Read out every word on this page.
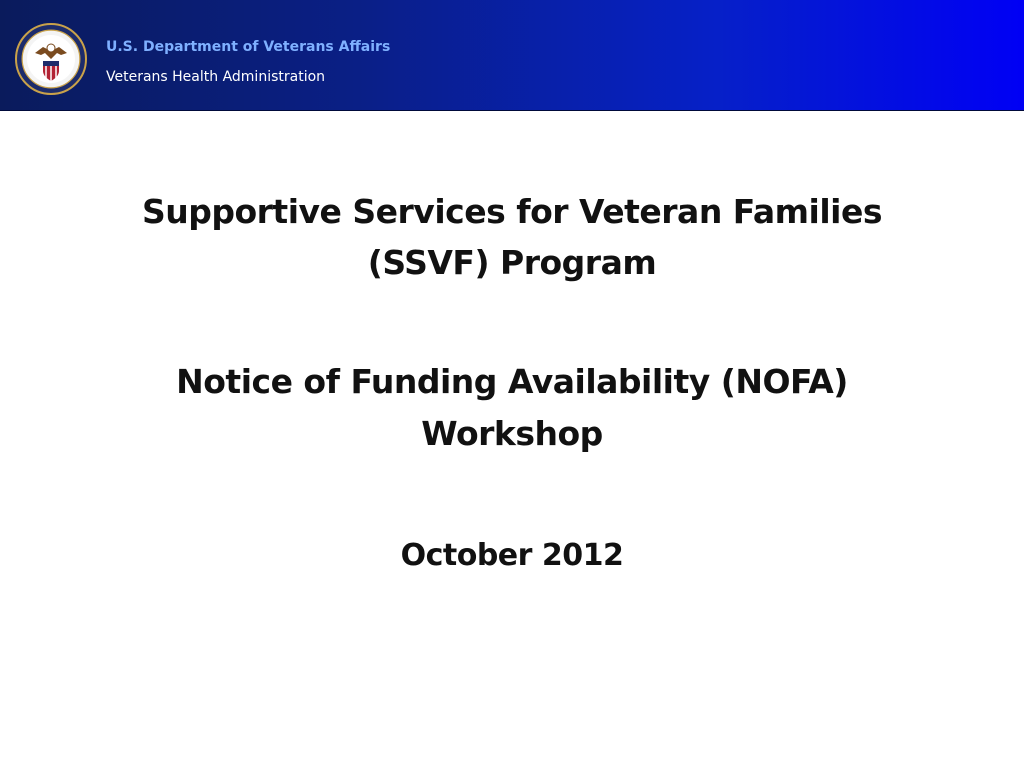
U.S. Department of Veterans Affairs
Veterans Health Administration
Supportive Services for Veteran Families
(SSVF) Program
Notice of Funding Availability (NOFA)
Workshop
October 2012
